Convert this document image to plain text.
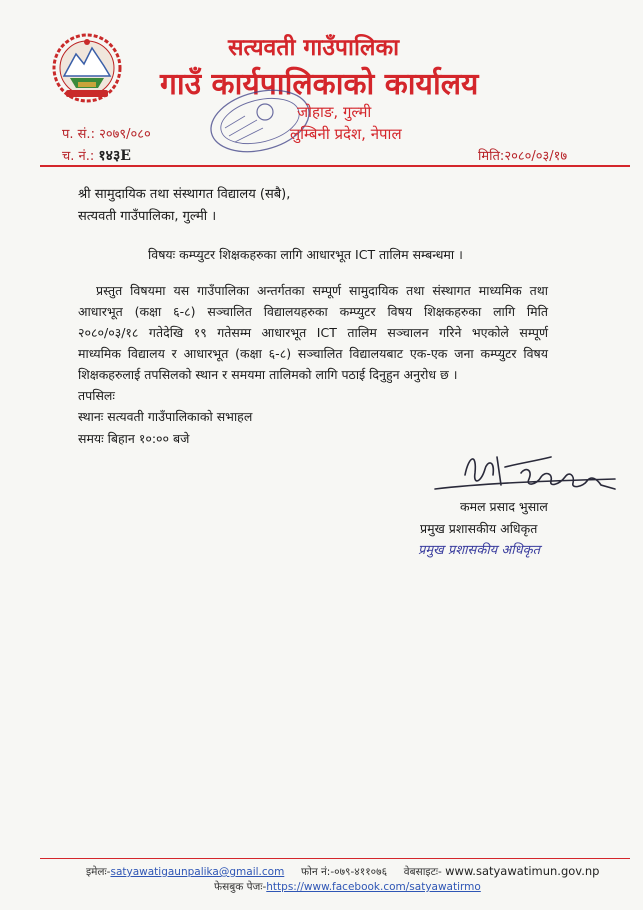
सत्यवती गाउँपालिका
गाउँ कार्यपालिकाको कार्यालय
जोहाङ, गुल्मी
लुम्बिनी प्रदेश, नेपाल
प. सं.: २०७९/०८०
च. नं.: १४३E	मिति:२०८०/०३/१७
श्री सामुदायिक तथा संस्थागत विद्यालय (सबै),
सत्यवती गाउँपालिका, गुल्मी ।
विषयः कम्प्युटर शिक्षकहरुका लागि आधारभूत ICT तालिम सम्बन्धमा ।
प्रस्तुत विषयमा यस गाउँपालिका अन्तर्गतका सम्पूर्ण सामुदायिक तथा संस्थागत माध्यमिक तथा
आधारभूत (कक्षा ६-८) सञ्चालित विद्यालयहरुका कम्प्युटर विषय शिक्षकहरुका लागि मिति
२०८०/०३/१८ गतेदेखि १९ गतेसम्म आधारभूत ICT तालिम सञ्चालन गरिने भएकोले सम्पूर्ण
माध्यमिक विद्यालय र आधारभूत (कक्षा ६-८) सञ्चालित विद्यालयबाट एक-एक जना कम्प्युटर विषय
शिक्षकहरुलाई तपसिलको स्थान र समयमा तालिमको लागि पठाई दिनुहुन अनुरोध छ ।
तपसिलः
स्थानः सत्यवती गाउँपालिकाको सभाहल
समयः बिहान १०:०० बजे
कमल प्रसाद भुसाल
प्रमुख प्रशासकीय अधिकृत
प्रमुख प्रशासकीय अधिकृत
इमेलः-satyawatigaunpalika@gmail.com फोन नं:-०७९-४११०७६ वेबसाइटः- www.satyawatimun.gov.np
फेसबुक पेजः-https://www.facebook.com/satyawatirmo
